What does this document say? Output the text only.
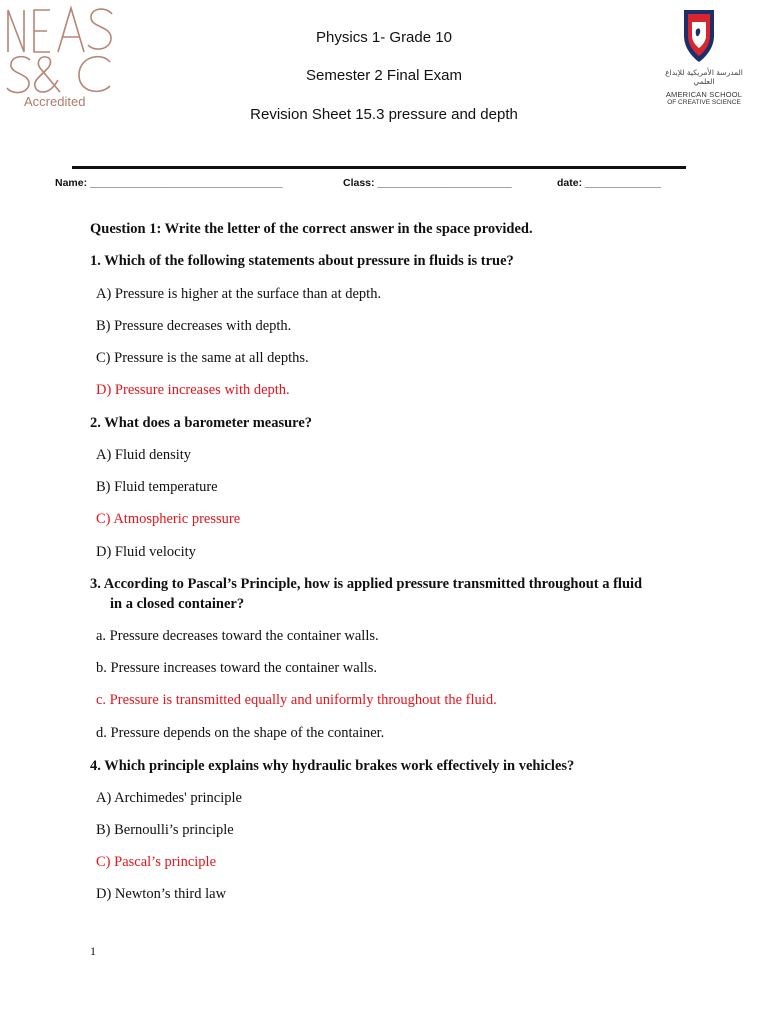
Accredited
المدرسة الأمريكية للإبداع العلمي
AMERICAN SCHOOL
OF CREATIVE SCIENCE
Physics 1- Grade 10
Semester 2 Final Exam
Revision Sheet 15.3 pressure and depth
Name: _________________________________	Class: _______________________	date: _____________
Question 1: Write the letter of the correct answer in the space provided.
1. Which of the following statements about pressure in fluids is true?
A) Pressure is higher at the surface than at depth.
B) Pressure decreases with depth.
C) Pressure is the same at all depths.
D) Pressure increases with depth.
2. What does a barometer measure?
A) Fluid density
B) Fluid temperature
C) Atmospheric pressure
D) Fluid velocity
3. According to Pascal’s Principle, how is applied pressure transmitted throughout a fluid
in a closed container?
a. Pressure decreases toward the container walls.
b. Pressure increases toward the container walls.
c. Pressure is transmitted equally and uniformly throughout the fluid.
d. Pressure depends on the shape of the container.
4. Which principle explains why hydraulic brakes work effectively in vehicles?
A) Archimedes' principle
B) Bernoulli’s principle
C) Pascal’s principle
D) Newton’s third law
1
